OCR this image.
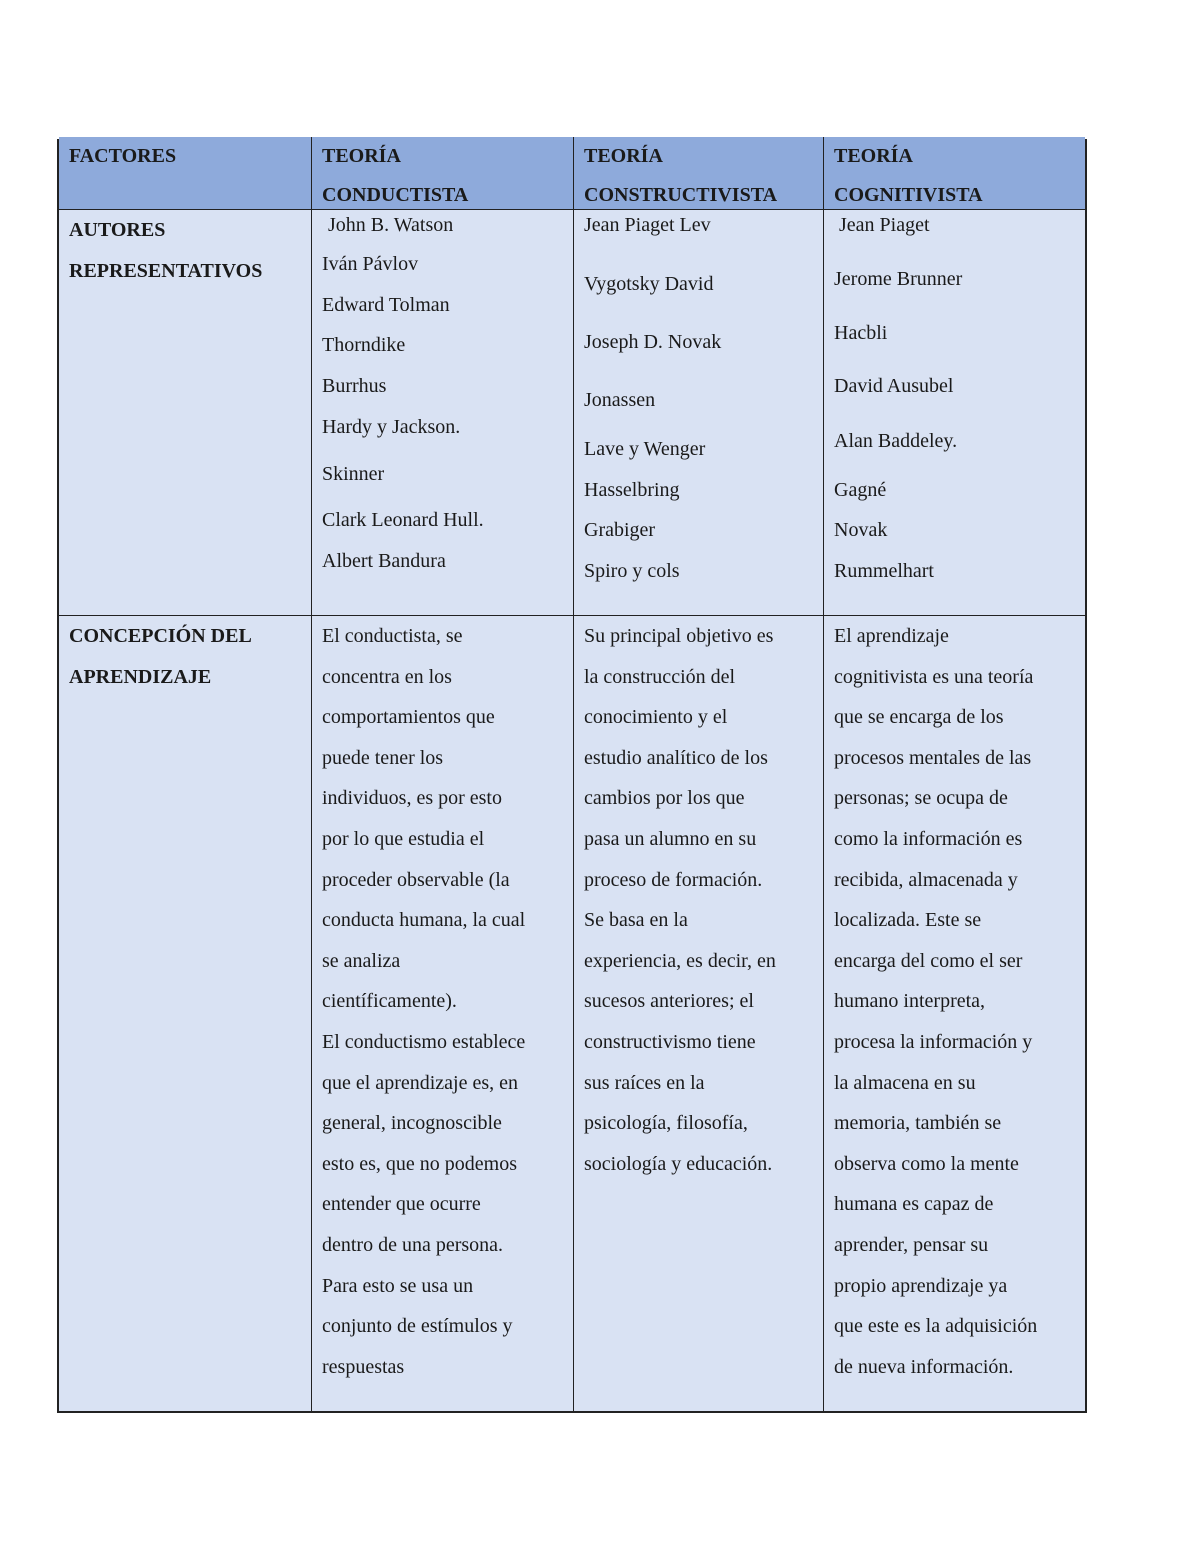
FACTORES	TEORÍA
CONDUCTISTA
TEORÍA
CONSTRUCTIVISTA
TEORÍA
COGNITIVISTA
AUTORES
REPRESENTATIVOS
John B. Watson
Iván Pávlov
Edward Tolman
Thorndike
Burrhus
Hardy y Jackson.
Skinner
Clark Leonard Hull.
Albert Bandura
Jean Piaget Lev
Vygotsky David
Joseph D. Novak
Jonassen
Lave y Wenger
Hasselbring
Grabiger
Spiro y cols
Jean Piaget
Jerome Brunner
Hacbli
David Ausubel
Alan Baddeley.
Gagné
Novak
Rummelhart
CONCEPCIÓN DEL
APRENDIZAJE

El conductista, se
concentra en los
comportamientos que
puede tener los
individuos, es por esto
por lo que estudia el
proceder observable (la
conducta humana, la cual
se analiza
científicamente).
El conductismo establece
que el aprendizaje es, en
general, incognoscible
esto es, que no podemos
entender que ocurre
dentro de una persona.
Para esto se usa un
conjunto de estímulos y
respuestas

Su principal objetivo es
la construcción del
conocimiento y el
estudio analítico de los
cambios por los que
pasa un alumno en su
proceso de formación.
Se basa en la
experiencia, es decir, en
sucesos anteriores; el
constructivismo tiene
sus raíces en la
psicología, filosofía,
sociología y educación.

El aprendizaje
cognitivista es una teoría
que se encarga de los
procesos mentales de las
personas; se ocupa de
como la información es
recibida, almacenada y
localizada. Este se
encarga del como el ser
humano interpreta,
procesa la información y
la almacena en su
memoria, también se
observa como la mente
humana es capaz de
aprender, pensar su
propio aprendizaje ya
que este es la adquisición
de nueva información.
